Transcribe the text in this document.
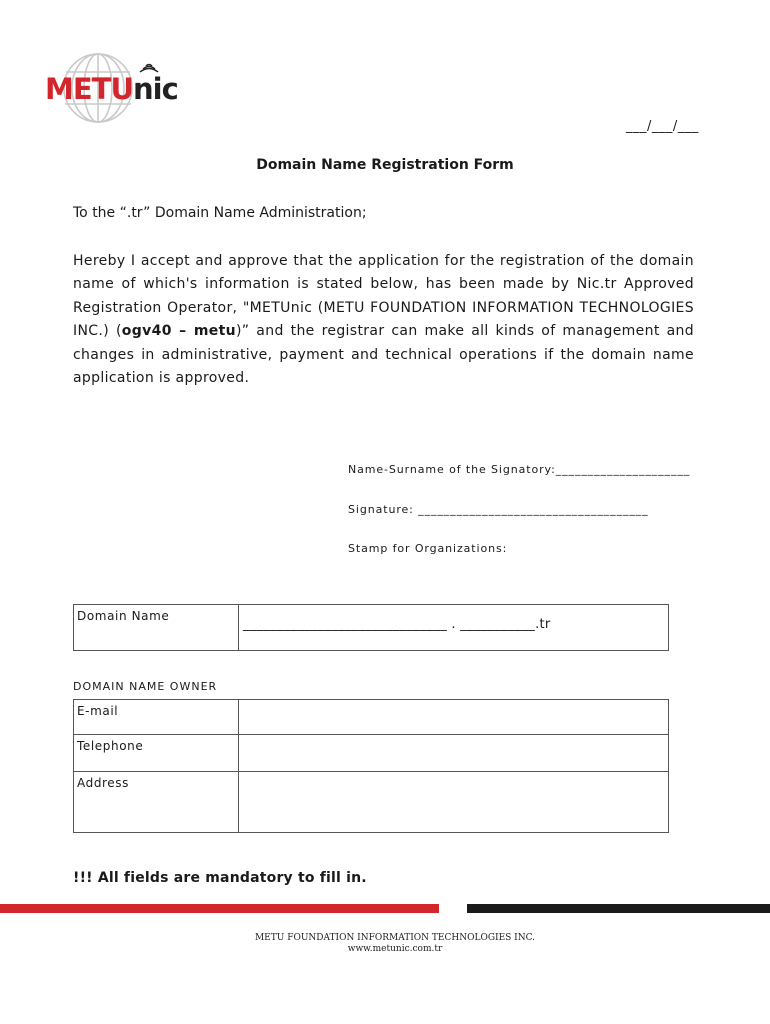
METUnic
___/___/___
Domain Name Registration Form
To the “.tr” Domain Name Administration;
Hereby I accept and approve that the application for the registration of the domain name of which's information is stated below, has been made by Nic.tr Approved Registration Operator, "METUnic (METU FOUNDATION INFORMATION TECHNOLOGIES INC.) (ogv40 – metu)” and the registrar can make all kinds of management and changes in administrative, payment and technical operations if the domain name application is approved.
Name-Surname of the Signatory:_____________________
Signature: ____________________________________
Stamp for Organizations:
Domain Name	______________________________ . ___________.tr
DOMAIN NAME OWNER
E-mail	
Telephone	
Address	
!!! All fields are mandatory to fill in.
METU FOUNDATION INFORMATION TECHNOLOGIES INC.
www.metunic.com.tr
